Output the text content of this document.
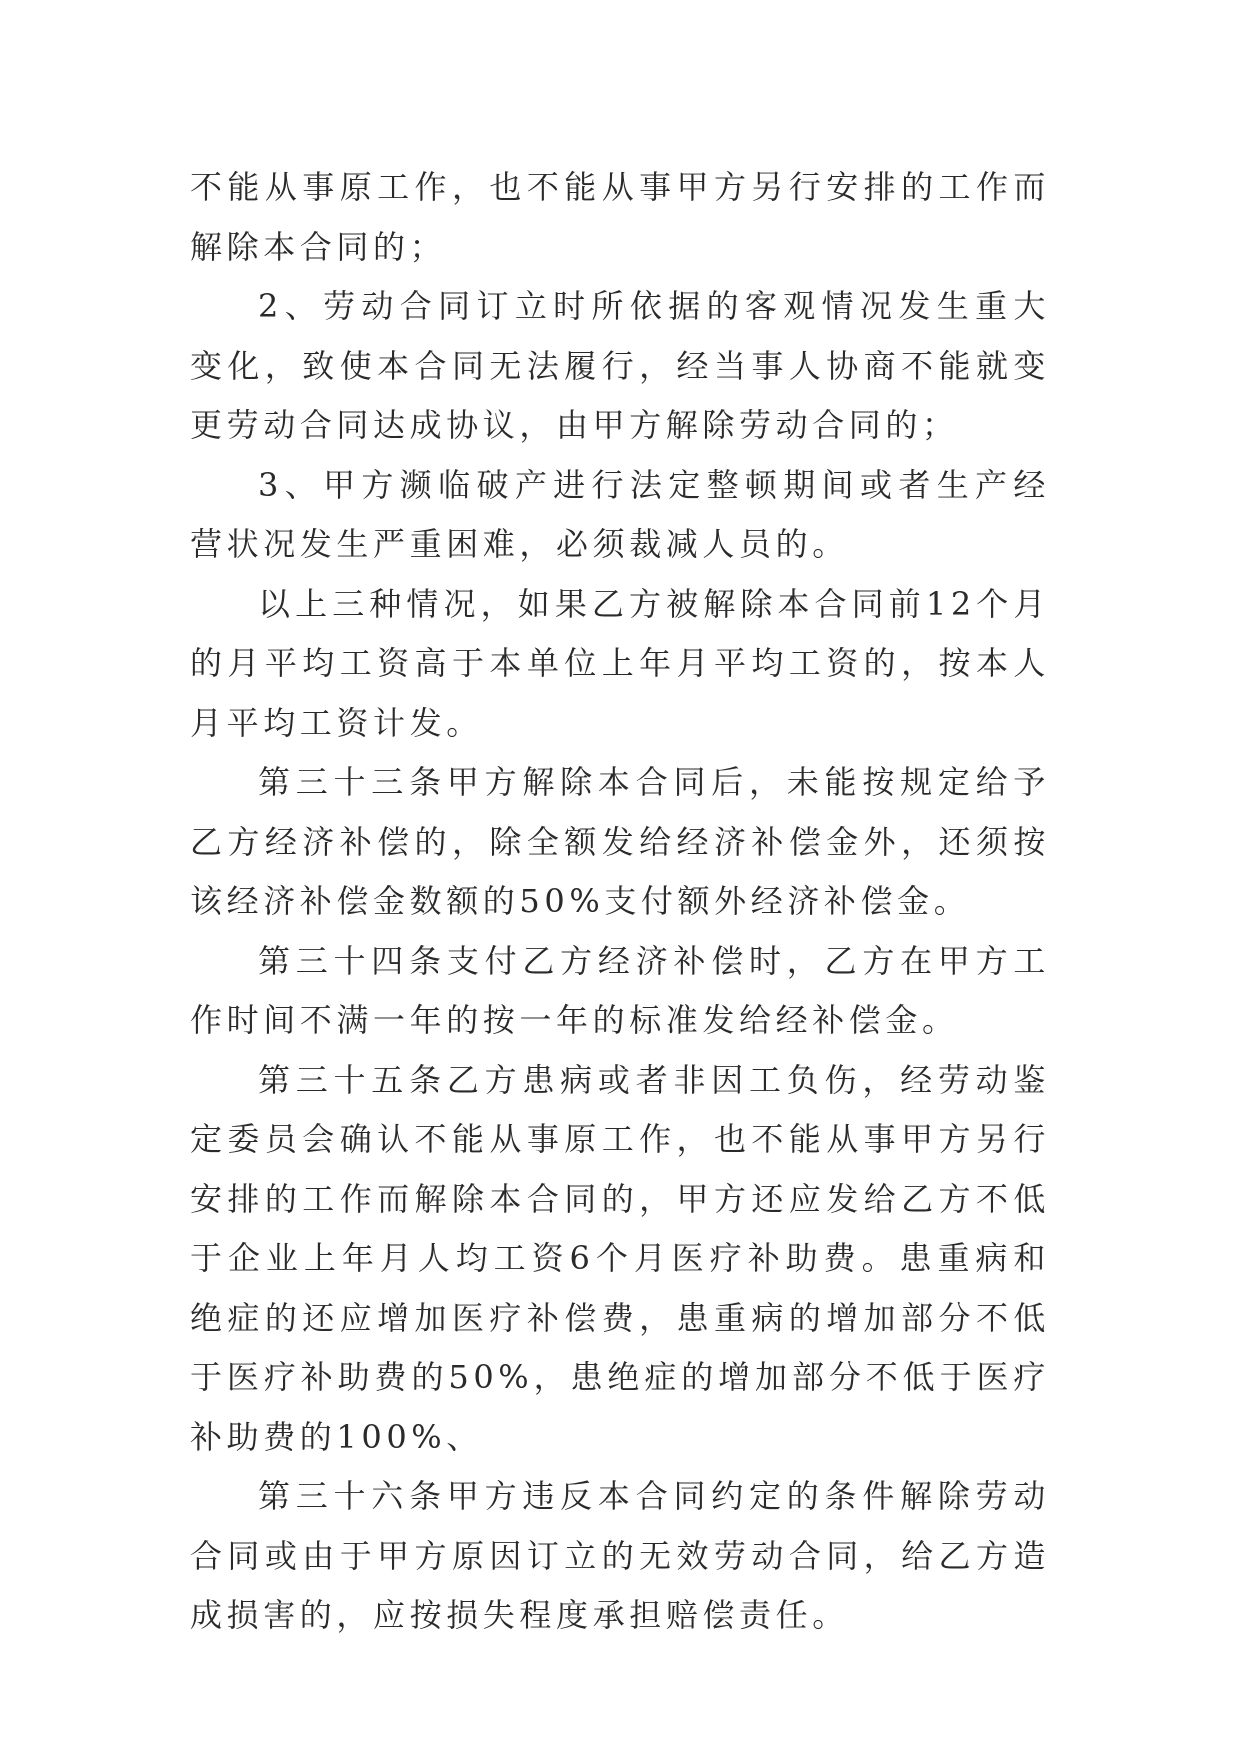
不能从事原工作，也不能从事甲方另行安排的工作而解除本合同的；

2、劳动合同订立时所依据的客观情况发生重大变化，致使本合同无法履行，经当事人协商不能就变更劳动合同达成协议，由甲方解除劳动合同的；

3、甲方濒临破产进行法定整顿期间或者生产经营状况发生严重困难，必须裁减人员的。

以上三种情况，如果乙方被解除本合同前12个月的月平均工资高于本单位上年月平均工资的，按本人月平均工资计发。

第三十三条甲方解除本合同后，未能按规定给予乙方经济补偿的，除全额发给经济补偿金外，还须按该经济补偿金数额的50%支付额外经济补偿金。

第三十四条支付乙方经济补偿时，乙方在甲方工作时间不满一年的按一年的标准发给经补偿金。

第三十五条乙方患病或者非因工负伤，经劳动鉴定委员会确认不能从事原工作，也不能从事甲方另行安排的工作而解除本合同的，甲方还应发给乙方不低于企业上年月人均工资6个月医疗补助费。患重病和绝症的还应增加医疗补偿费，患重病的增加部分不低于医疗补助费的50%，患绝症的增加部分不低于医疗补助费的100%、

第三十六条甲方违反本合同约定的条件解除劳动合同或由于甲方原因订立的无效劳动合同，给乙方造成损害的，应按损失程度承担赔偿责任。
